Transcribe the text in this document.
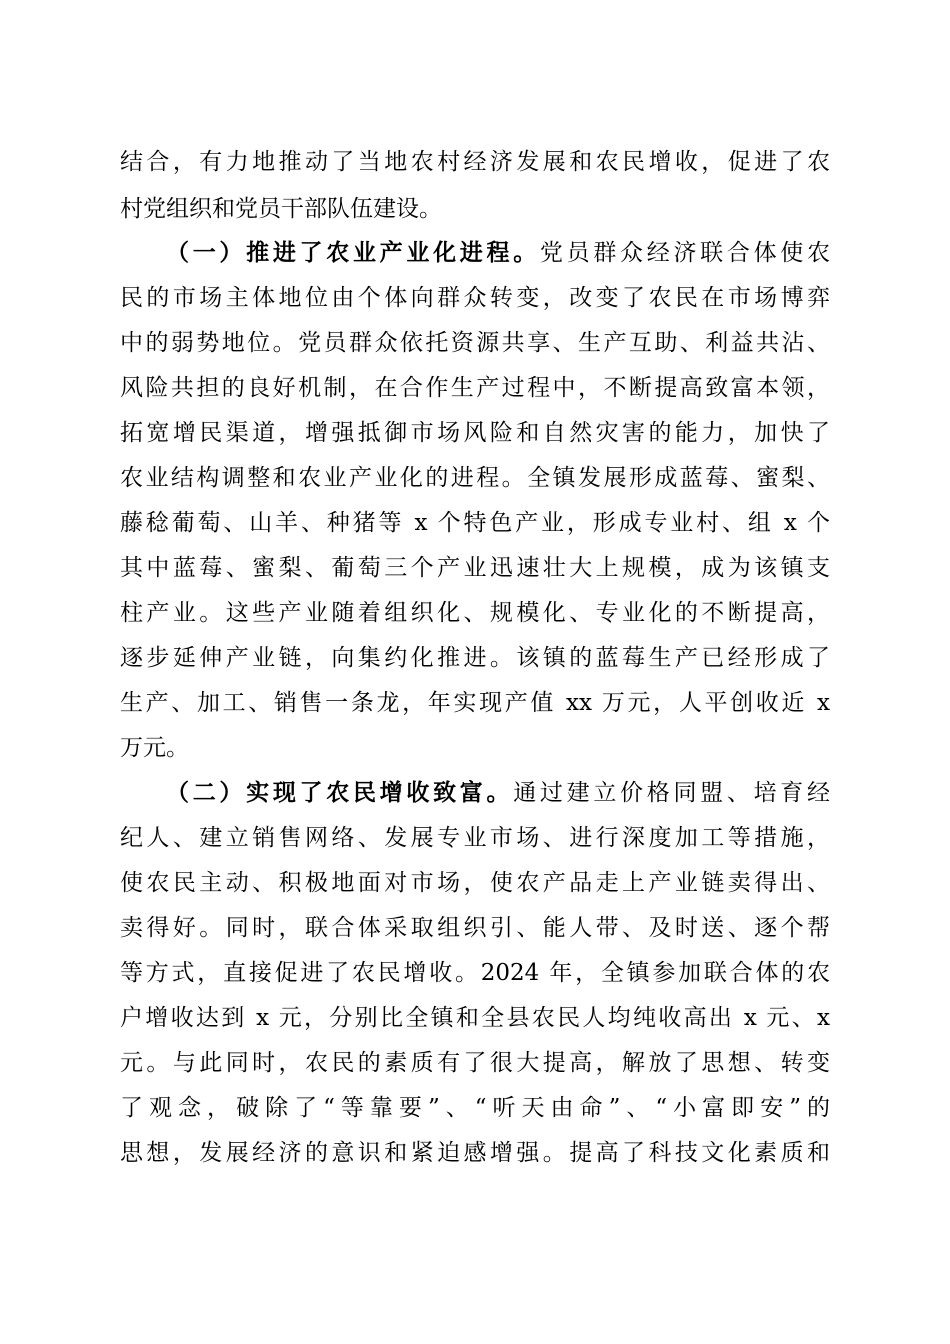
结合，有力地推动了当地农村经济发展和农民增收，促进了农
村党组织和党员干部队伍建设。
（一）推进了农业产业化进程。党员群众经济联合体使农
民的市场主体地位由个体向群众转变，改变了农民在市场博弈
中的弱势地位。党员群众依托资源共享、生产互助、利益共沾、
风险共担的良好机制，在合作生产过程中，不断提高致富本领，
拓宽增民渠道，增强抵御市场风险和自然灾害的能力，加快了
农业结构调整和农业产业化的进程。全镇发展形成蓝莓、蜜梨、
藤稔葡萄、山羊、种猪等 x 个特色产业，形成专业村、组 x 个
其中蓝莓、蜜梨、葡萄三个产业迅速壮大上规模，成为该镇支
柱产业。这些产业随着组织化、规模化、专业化的不断提高，
逐步延伸产业链，向集约化推进。该镇的蓝莓生产已经形成了
生产、加工、销售一条龙，年实现产值 xx 万元，人平创收近 x
万元。
（二）实现了农民增收致富。通过建立价格同盟、培育经
纪人、建立销售网络、发展专业市场、进行深度加工等措施，
使农民主动、积极地面对市场，使农产品走上产业链卖得出、
卖得好。同时，联合体采取组织引、能人带、及时送、逐个帮
等方式，直接促进了农民增收。2024 年，全镇参加联合体的农
户增收达到 x 元，分别比全镇和全县农民人均纯收高出 x 元、x
元。与此同时，农民的素质有了很大提高，解放了思想、转变
了观念，破除了“等靠要”、“听天由命”、“小富即安”的
思想，发展经济的意识和紧迫感增强。提高了科技文化素质和
